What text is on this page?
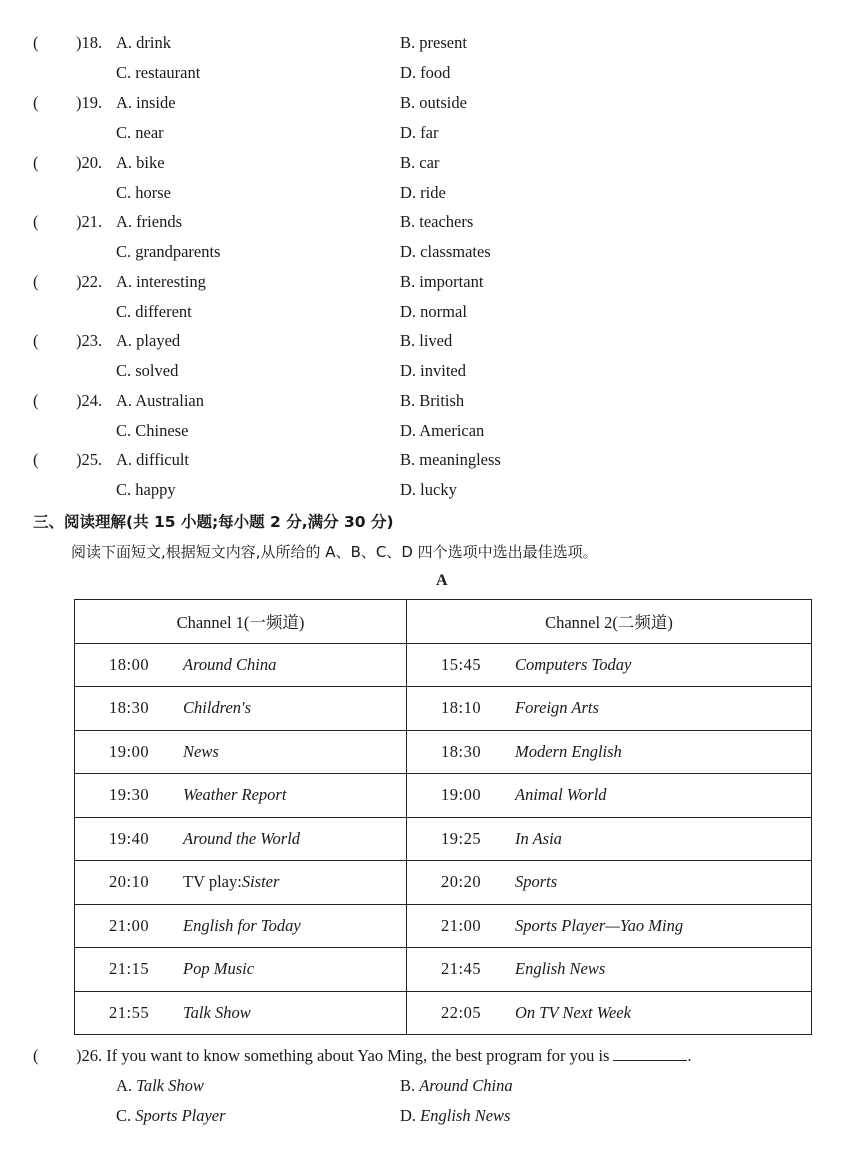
( )18. A. drink	B. present
C. restaurant	D. food
( )19. A. inside	B. outside
C. near	D. far
( )20. A. bike	B. car
C. horse	D. ride
( )21. A. friends	B. teachers
C. grandparents	D. classmates
( )22. A. interesting	B. important
C. different	D. normal
( )23. A. played	B. lived
C. solved	D. invited
( )24. A. Australian	B. British
C. Chinese	D. American
( )25. A. difficult	B. meaningless
C. happy	D. lucky
三、阅读理解(共 15 小题;每小题 2 分,满分 30 分)
阅读下面短文,根据短文内容,从所给的 A、B、C、D 四个选项中选出最佳选项。
A
Channel 1(一频道)	Channel 2(二频道)

18:00 Around China	15:45 Computers Today

18:30 Children's	18:10 Foreign Arts

19:00 News	18:30 Modern English

19:30 Weather Report	19:00 Animal World

19:40 Around the World	19:25 In Asia

20:10 TV play: Sister	20:20 Sports

21:00 English for Today	21:00 Sports Player—Yao Ming

21:15 Pop Music	21:45 English News

21:55 Talk Show	22:05 On TV Next Week
( )26. If you want to know something about Yao Ming, the best program for you is	.
A. Talk Show	B. Around China
C. Sports Player	D. English News
